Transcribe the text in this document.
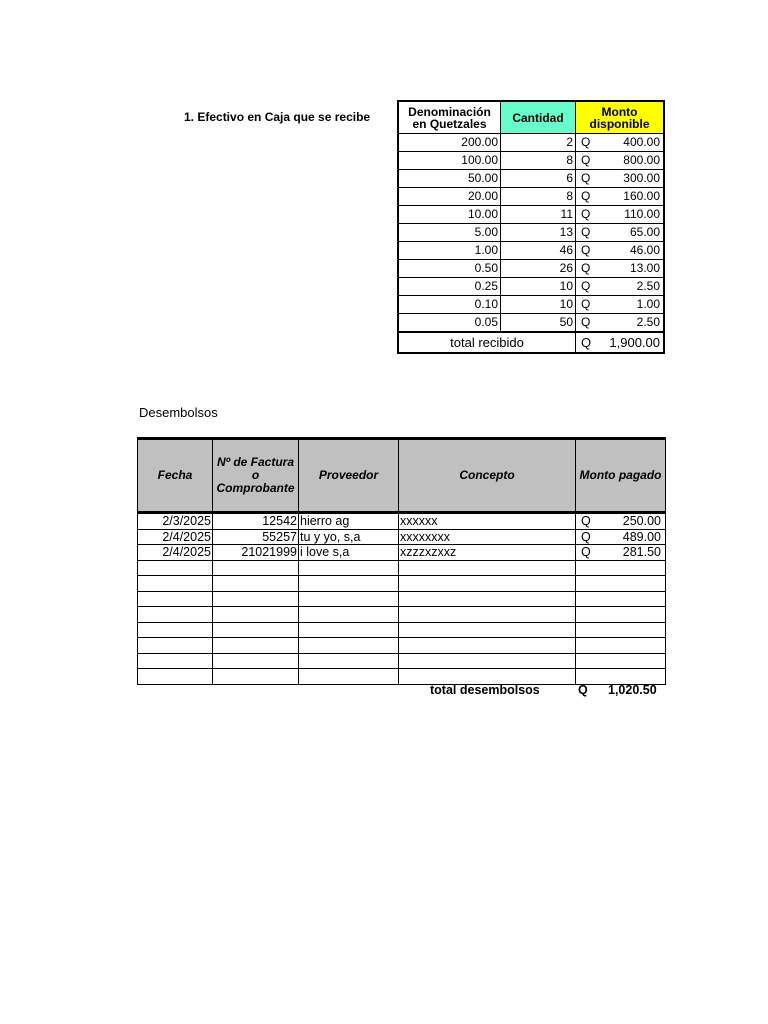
1. Efectivo en Caja que se recibe	Denominación en Quetzales	Cantidad	Monto disponible
200.00	2	Q 400.00

100.00	8	Q 800.00

50.00	6	Q 300.00

20.00	8	Q 160.00

10.00	11	Q 110.00

5.00	13	Q 65.00

1.00	46	Q 46.00

0.50	26	Q 13.00

0.25	10	Q 2.50

0.10	10	Q 1.00

0.05	50	Q 2.50

total recibido		Q 1,900.00
Desembolsos
Fecha	Nº de Factura o Comprobante	Proveedor	Concepto	Monto pagado
2/3/2025	12542	hierro ag	xxxxxx	Q 250.00

2/4/2025	55257	tu y yo, s,a	xxxxxxxx	Q 489.00

2/4/2025	21021999	i love s,a	xzzzxzxxz	Q 281.50

total desembolsos	Q 1,020.50
